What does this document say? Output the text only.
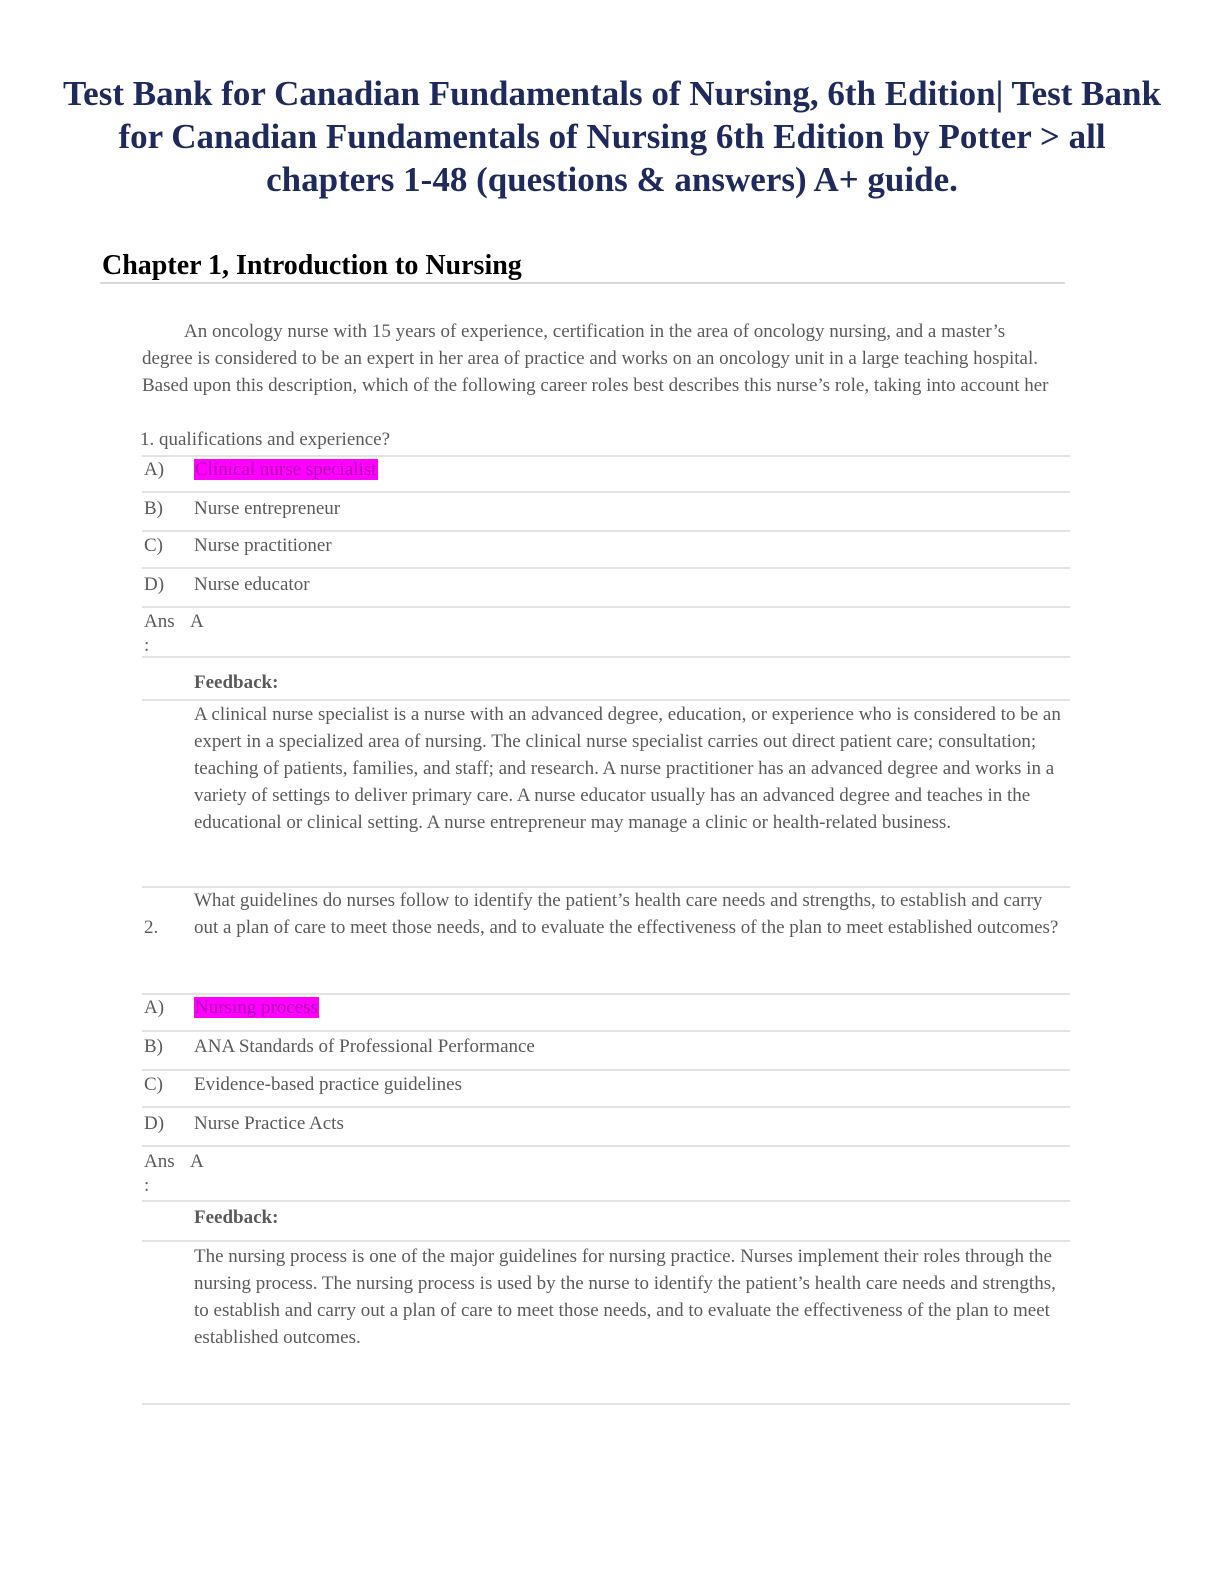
Test Bank for Canadian Fundamentals of Nursing, 6th Edition| Test Bank for Canadian Fundamentals of Nursing 6th Edition by Potter > all chapters 1-48 (questions & answers) A+ guide.
Chapter 1, Introduction to Nursing

An oncology nurse with 15 years of experience, certification in the area of oncology nursing, and a master’s degree is considered to be an expert in her area of practice and works on an oncology unit in a large teaching hospital. Based upon this description, which of the following career roles best describes this nurse’s role, taking into account her

1. qualifications and experience?
A) Clinical nurse specialist
B) Nurse entrepreneur
C) Nurse practitioner
D) Nurse educator
Ans
:
A
Feedback:

A clinical nurse specialist is a nurse with an advanced degree, education, or experience who is considered to be an expert in a specialized area of nursing. The clinical nurse specialist carries out direct patient care; consultation; teaching of patients, families, and staff; and research. A nurse practitioner has an advanced degree and works in a variety of settings to deliver primary care. A nurse educator usually has an advanced degree and teaches in the educational or clinical setting. A nurse entrepreneur may manage a clinic or health-related business.

2.

What guidelines do nurses follow to identify the patient’s health care needs and strengths, to establish and carry out a plan of care to meet those needs, and to evaluate the effectiveness of the plan to meet established outcomes?

A) Nursing process
B) ANA Standards of Professional Performance
C) Evidence-based practice guidelines
D) Nurse Practice Acts
Ans
:
A
Feedback:

The nursing process is one of the major guidelines for nursing practice. Nurses implement their roles through the nursing process. The nursing process is used by the nurse to identify the patient’s health care needs and strengths, to establish and carry out a plan of care to meet those needs, and to evaluate the effectiveness of the plan to meet established outcomes.
